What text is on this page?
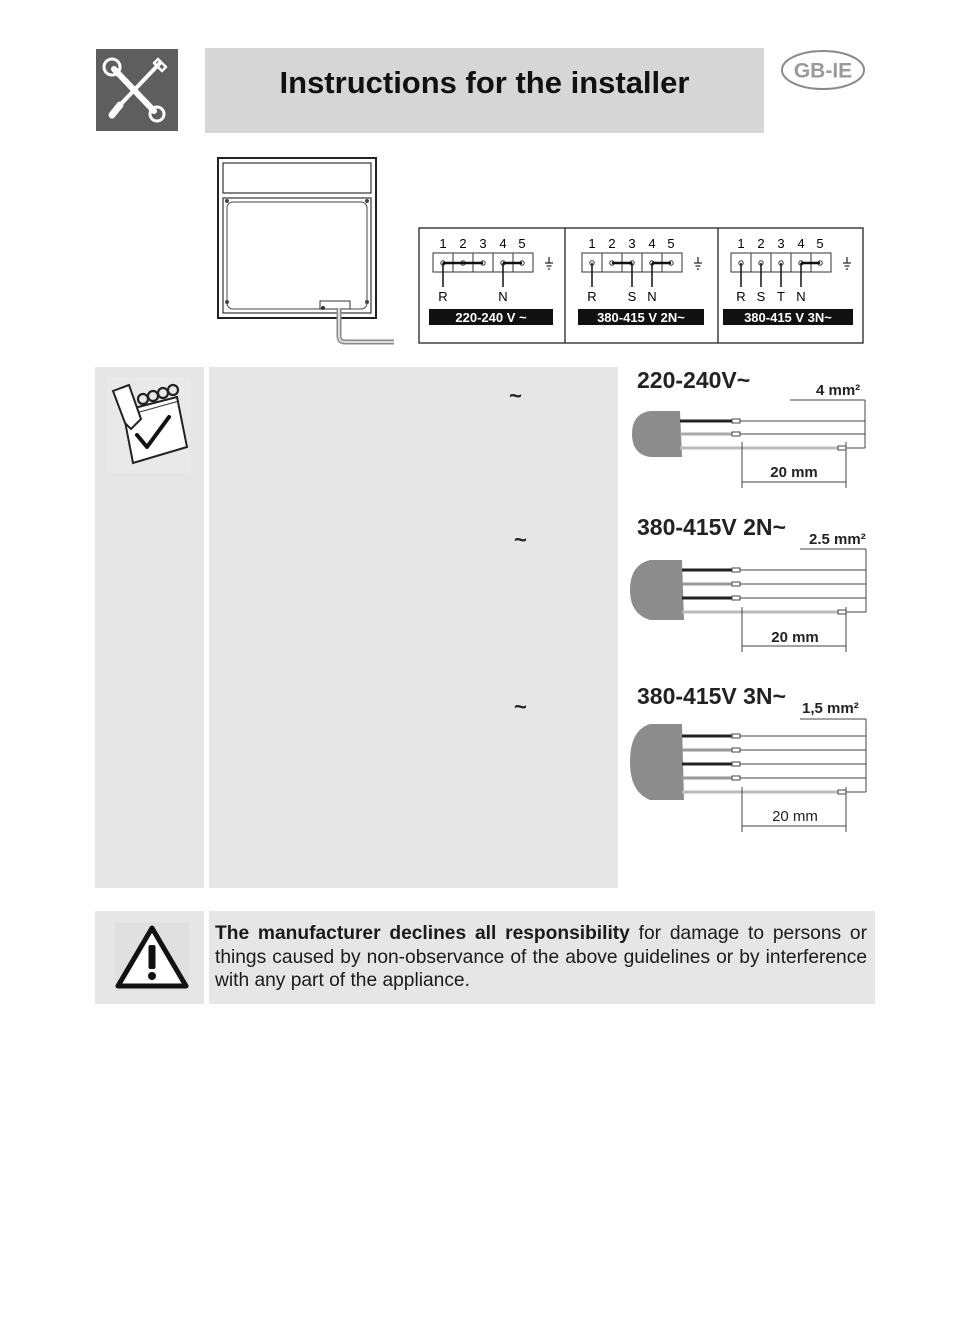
Instructions for the installer	GB-IE
1 2 3 4 5
R	N
220-240 V ~
1 2 3 4 5
R S N
380-415 V 2N~
1 2 3 4 5
R S T N
380-415 V 3N~
~
~
~
220-240V~	4 mm²
20 mm
380-415V 2N~ 2.5 mm²
20 mm
380-415V 3N~ 1,5 mm²
20 mm
The manufacturer declines all responsibility for damage to persons or things caused by non-observance of the above guidelines or by interference with any part of the appliance.
